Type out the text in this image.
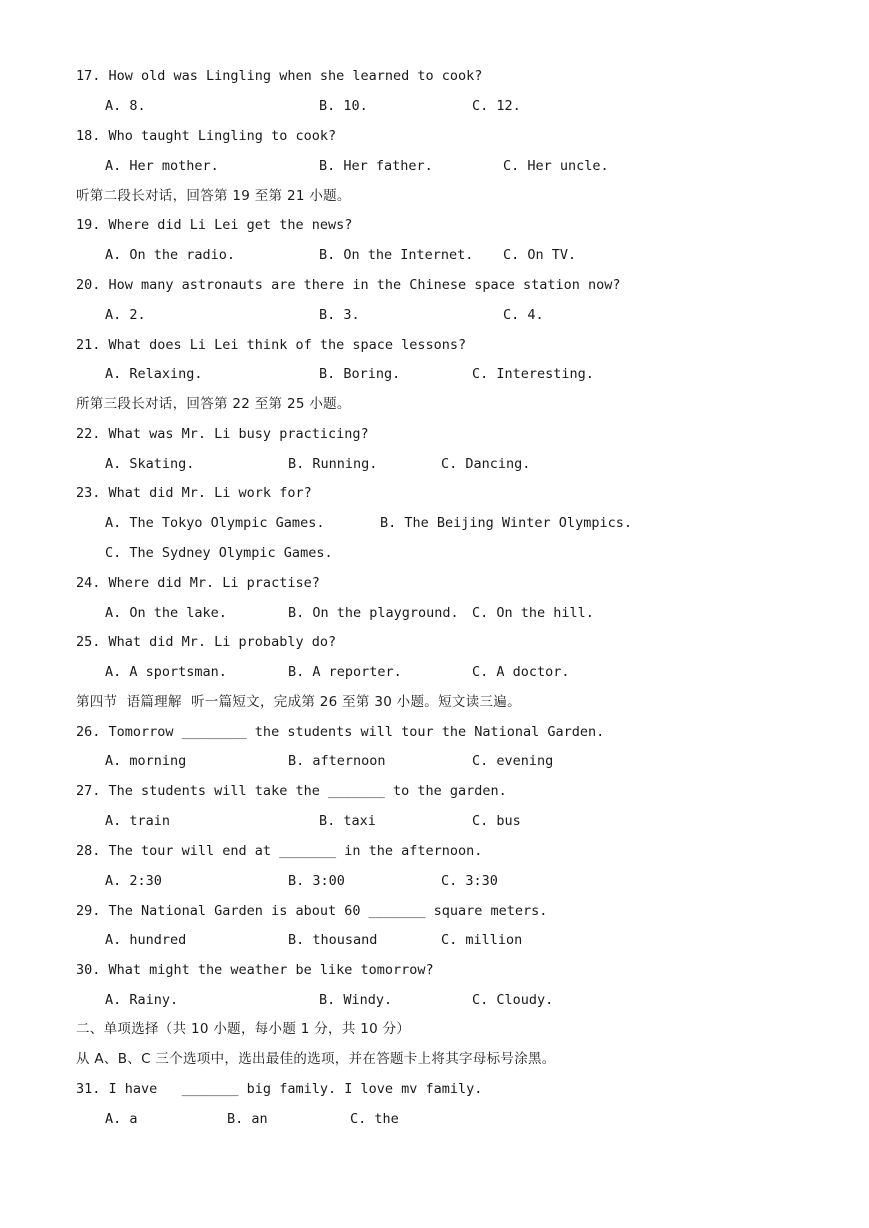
17. How old was Lingling when she learned to cook?
A. 8.	B. 10.	C. 12.
18. Who taught Lingling to cook?
A. Her mother.	B. Her father.	C. Her uncle.
听第二段长对话，回答第 19 至第 21 小题。
19. Where did Li Lei get the news?
A. On the radio.	B. On the Internet. C. On TV.
20. How many astronauts are there in the Chinese space station now?
A. 2.	B. 3.	C. 4.
21. What does Li Lei think of the space lessons?
A. Relaxing.	B. Boring.	C. Interesting.
所第三段长对话，回答第 22 至第 25 小题。
22. What was Mr. Li busy practicing?
A. Skating.	B. Running.	C. Dancing.
23. What did Mr. Li work for?
A. The Tokyo Olympic Games.	B. The Beijing Winter Olympics.
C. The Sydney Olympic Games.
24. Where did Mr. Li practise?
A. On the lake.	B. On the playground. C. On the hill.
25. What did Mr. Li probably do?
A. A sportsman.	B. A reporter.	C. A doctor.
第四节  语篇理解  听一篇短文，完成第 26 至第 30 小题。短文读三遍。
26. Tomorrow ________ the students will tour the National Garden.
A. morning	B. afternoon	C. evening
27. The students will take the _______ to the garden.
A. train	B. taxi	C. bus
28. The tour will end at _______ in the afternoon.
A. 2:30	B. 3:00	C. 3:30
29. The National Garden is about 60 _______ square meters.
A. hundred	B. thousand	C. million
30. What might the weather be like tomorrow?
A. Rainy.	B. Windy.	C. Cloudy.
二、单项选择（共 10 小题，每小题 1 分，共 10 分）
从 A、B、C 三个选项中，选出最佳的选项，并在答题卡上将其字母标号涂黑。
31. I have   _______ big family. I love mv family.
A. a	B. an	C. the
